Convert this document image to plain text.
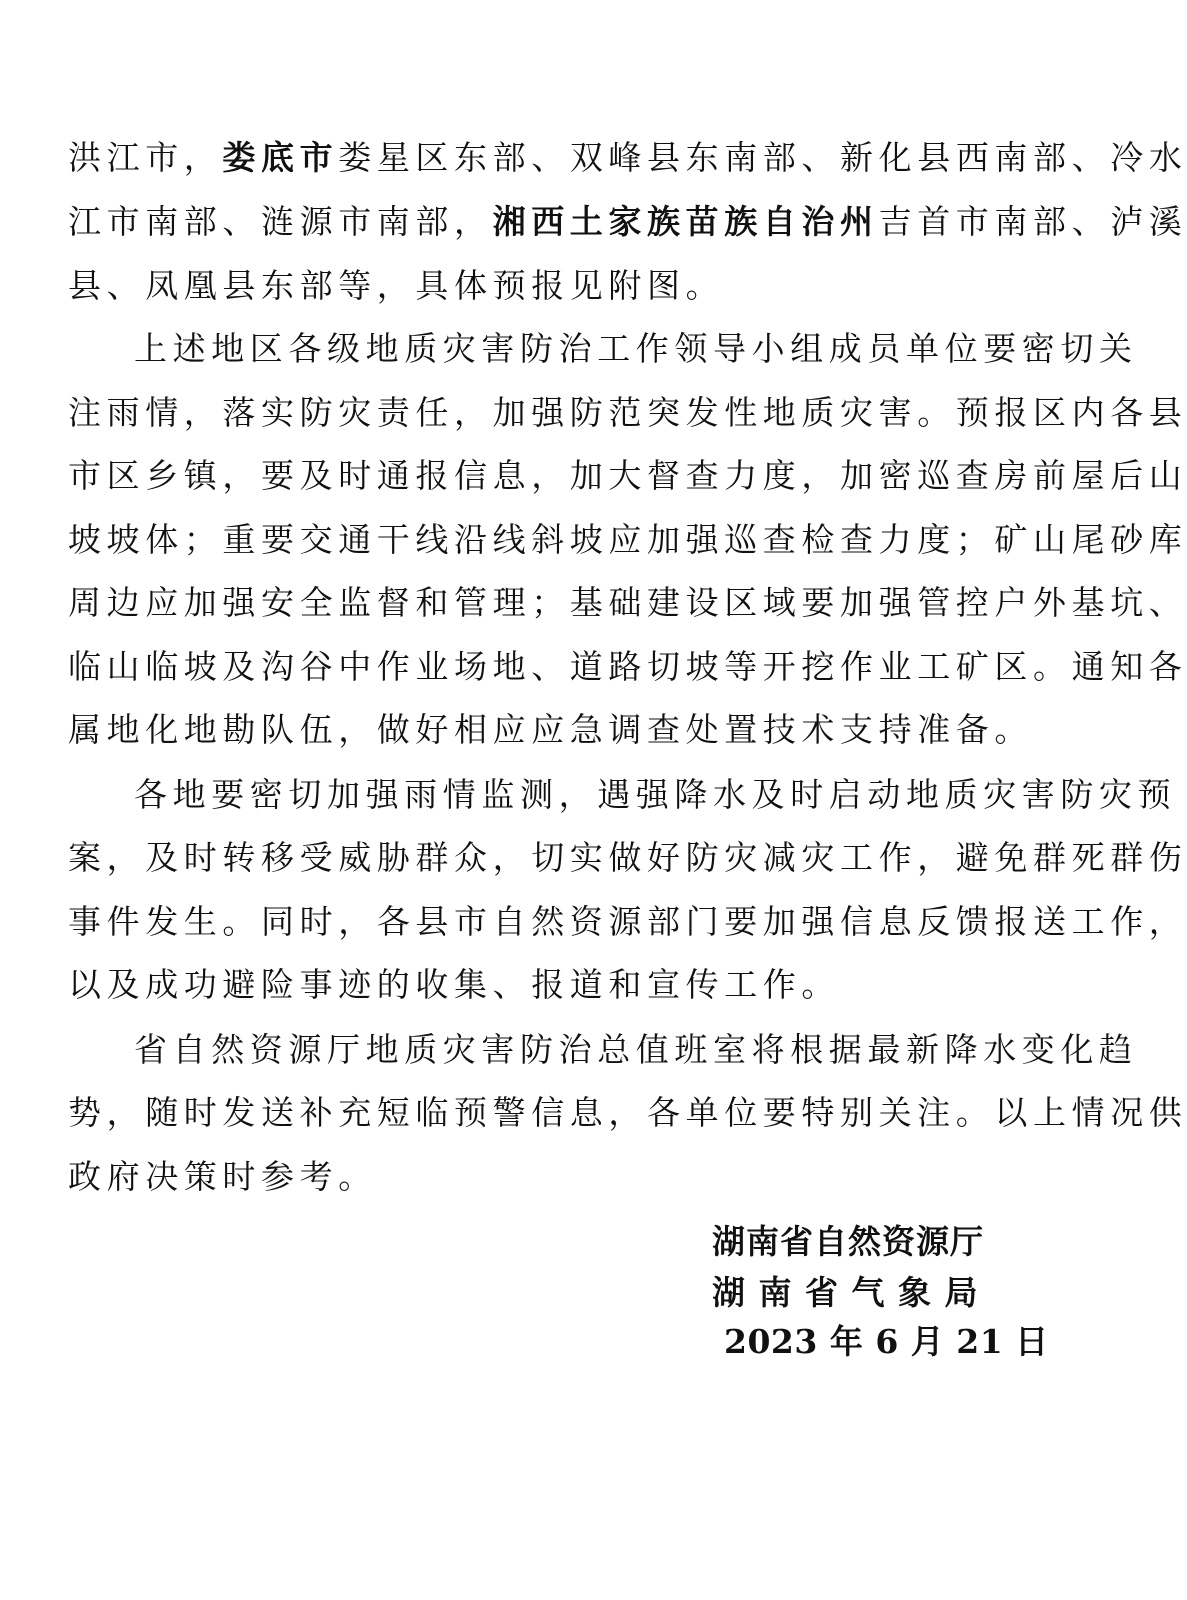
洪江市，娄底市娄星区东部、双峰县东南部、新化县西南部、冷水
江市南部、涟源市南部，湘西土家族苗族自治州吉首市南部、泸溪
县、凤凰县东部等，具体预报见附图。
上述地区各级地质灾害防治工作领导小组成员单位要密切关
注雨情，落实防灾责任，加强防范突发性地质灾害。预报区内各县
市区乡镇，要及时通报信息，加大督查力度，加密巡查房前屋后山
坡坡体；重要交通干线沿线斜坡应加强巡查检查力度；矿山尾砂库
周边应加强安全监督和管理；基础建设区域要加强管控户外基坑、
临山临坡及沟谷中作业场地、道路切坡等开挖作业工矿区。通知各
属地化地勘队伍，做好相应应急调查处置技术支持准备。
各地要密切加强雨情监测，遇强降水及时启动地质灾害防灾预
案，及时转移受威胁群众，切实做好防灾减灾工作，避免群死群伤
事件发生。同时，各县市自然资源部门要加强信息反馈报送工作，
以及成功避险事迹的收集、报道和宣传工作。
省自然资源厅地质灾害防治总值班室将根据最新降水变化趋
势，随时发送补充短临预警信息，各单位要特别关注。以上情况供
政府决策时参考。
湖南省自然资源厅
湖 南 省 气 象 局
2023 年 6 月 21 日
